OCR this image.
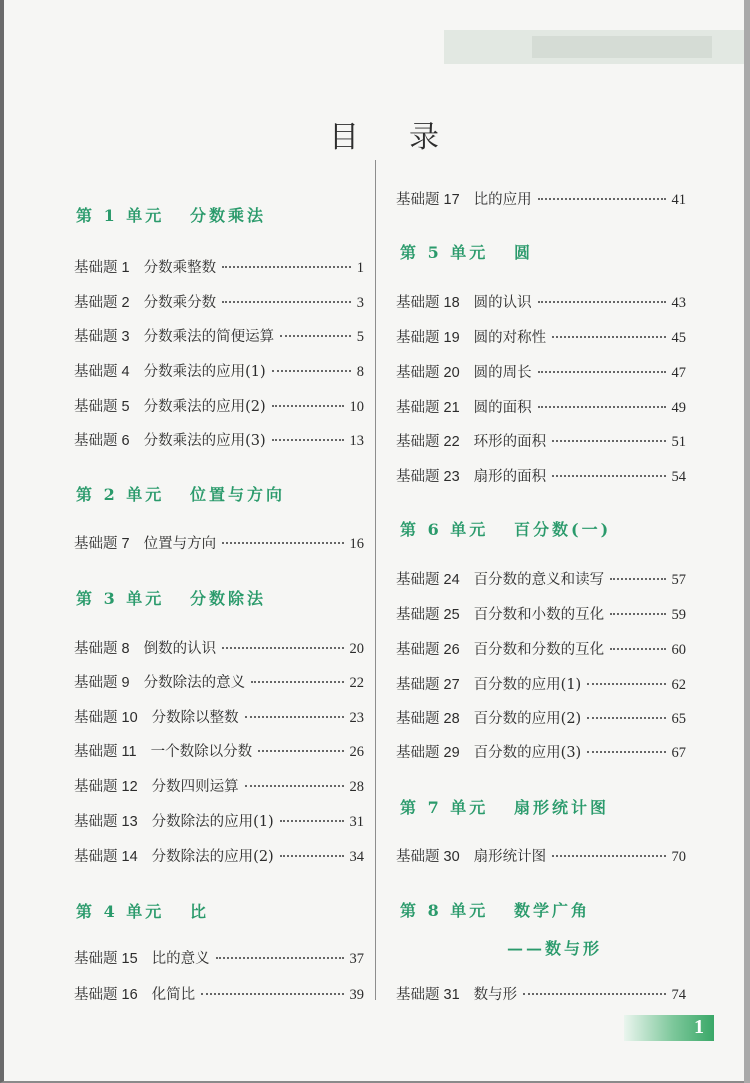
目 录
第 1 单元 分数乘法
基础题 1 分数乘整数	1
基础题 2 分数乘分数	3
基础题 3 分数乘法的简便运算	5
基础题 4 分数乘法的应用(1)	8
基础题 5 分数乘法的应用(2)	10
基础题 6 分数乘法的应用(3)	13
第 2 单元 位置与方向
基础题 7 位置与方向	16
第 3 单元 分数除法
基础题 8 倒数的认识	20
基础题 9 分数除法的意义	22
基础题 10 分数除以整数	23
基础题 11 一个数除以分数	26
基础题 12 分数四则运算	28
基础题 13 分数除法的应用(1)	31
基础题 14 分数除法的应用(2)	34
第 4 单元 比
基础题 15 比的意义	37
基础题 16 化简比	39
基础题 17 比的应用	41
第 5 单元 圆
基础题 18 圆的认识	43
基础题 19 圆的对称性	45
基础题 20 圆的周长	47
基础题 21 圆的面积	49
基础题 22 环形的面积	51
基础题 23 扇形的面积	54
第 6 单元 百分数(一)
基础题 24 百分数的意义和读写	57
基础题 25 百分数和小数的互化	59
基础题 26 百分数和分数的互化	60
基础题 27 百分数的应用(1)	62
基础题 28 百分数的应用(2)	65
基础题 29 百分数的应用(3)	67
第 7 单元 扇形统计图
基础题 30 扇形统计图	70
第 8 单元 数学广角
——数与形
基础题 31 数与形	74
1
